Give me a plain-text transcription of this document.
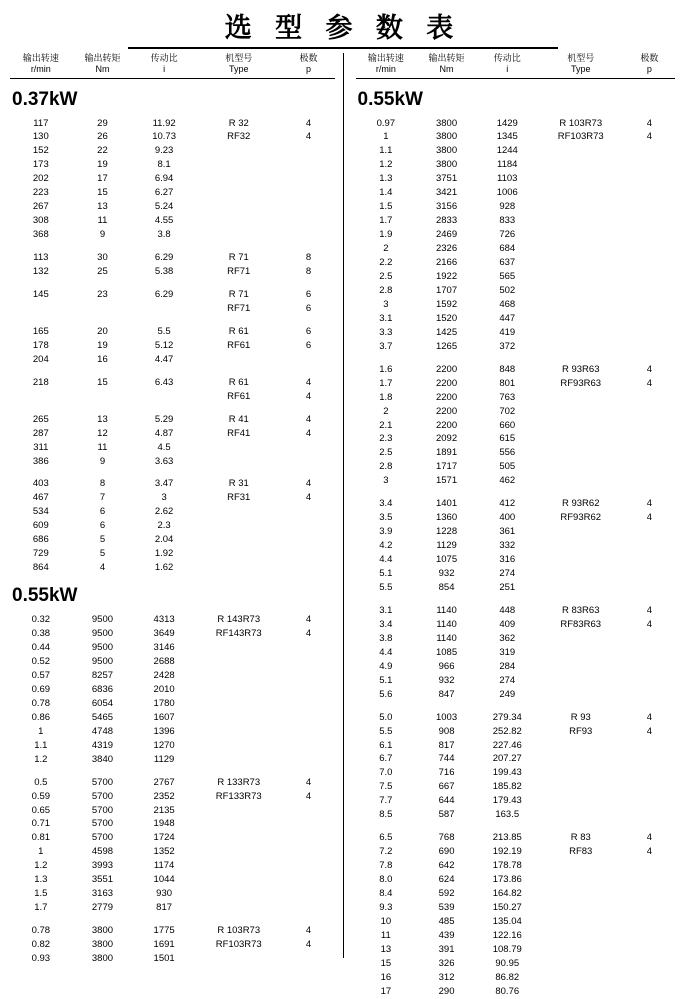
选 型 参 数 表
输出转速
r/min

输出转矩
Nm

传动比
i

机型号
Type

极数
p
0.37kW
117	29	11.92	R 32	4
130	26	10.73	RF32	4
152	22	9.23		
173	19	8.1		
202	17	6.94		
223	15	6.27		
267	13	5.24		
308	11	4.55		
368	9	3.8		

113	30	6.29	R 71	8
132	25	5.38	RF71	8

145	23	6.29	R 71	6
			RF71	6

165	20	5.5	R 61	6
178	19	5.12	RF61	6
204	16	4.47		

218	15	6.43	R 61	4
			RF61	4

265	13	5.29	R 41	4
287	12	4.87	RF41	4
311	11	4.5		
386	9	3.63		

403	8	3.47	R 31	4
467	7	3	RF31	4
534	6	2.62		
609	6	2.3		
686	5	2.04		
729	5	1.92		
864	4	1.62		
0.55kW
0.32	9500	4313	R 143R73	4
0.38	9500	3649	RF143R73	4
0.44	9500	3146		
0.52	9500	2688		
0.57	8257	2428		
0.69	6836	2010		
0.78	6054	1780		
0.86	5465	1607		
1	4748	1396		
1.1	4319	1270		
1.2	3840	1129		

0.5	5700	2767	R 133R73	4
0.59	5700	2352	RF133R73	4
0.65	5700	2135		
0.71	5700	1948		
0.81	5700	1724		
1	4598	1352		
1.2	3993	1174		
1.3	3551	1044		
1.5	3163	930		
1.7	2779	817		

0.78	3800	1775	R 103R73	4
0.82	3800	1691	RF103R73	4
0.93	3800	1501		
输出转速
r/min

输出转矩
Nm

传动比
i

机型号
Type

极数
p
0.55kW
0.97	3800	1429	R 103R73	4
1	3800	1345	RF103R73	4
1.1	3800	1244		
1.2	3800	1184		
1.3	3751	1103		
1.4	3421	1006		
1.5	3156	928		
1.7	2833	833		
1.9	2469	726		
2	2326	684		
2.2	2166	637		
2.5	1922	565		
2.8	1707	502		
3	1592	468		
3.1	1520	447		
3.3	1425	419		
3.7	1265	372		

1.6	2200	848	R 93R63	4
1.7	2200	801	RF93R63	4
1.8	2200	763		
2	2200	702		
2.1	2200	660		
2.3	2092	615		
2.5	1891	556		
2.8	1717	505		
3	1571	462		

3.4	1401	412	R 93R62	4
3.5	1360	400	RF93R62	4
3.9	1228	361		
4.2	1129	332		
4.4	1075	316		
5.1	932	274		
5.5	854	251		

3.1	1140	448	R 83R63	4
3.4	1140	409	RF83R63	4
3.8	1140	362		
4.4	1085	319		
4.9	966	284		
5.1	932	274		
5.6	847	249		

5.0	1003	279.34	R 93	4
5.5	908	252.82	RF93	4
6.1	817	227.46		
6.7	744	207.27		
7.0	716	199.43		
7.5	667	185.82		
7.7	644	179.43		
8.5	587	163.5		

6.5	768	213.85	R 83	4
7.2	690	192.19	RF83	4
7.8	642	178.78		
8.0	624	173.86		
8.4	592	164.82		
9.3	539	150.27		
10	485	135.04		
11	439	122.16		
13	391	108.79		
15	326	90.95		
16	312	86.82		
17	290	80.76		
